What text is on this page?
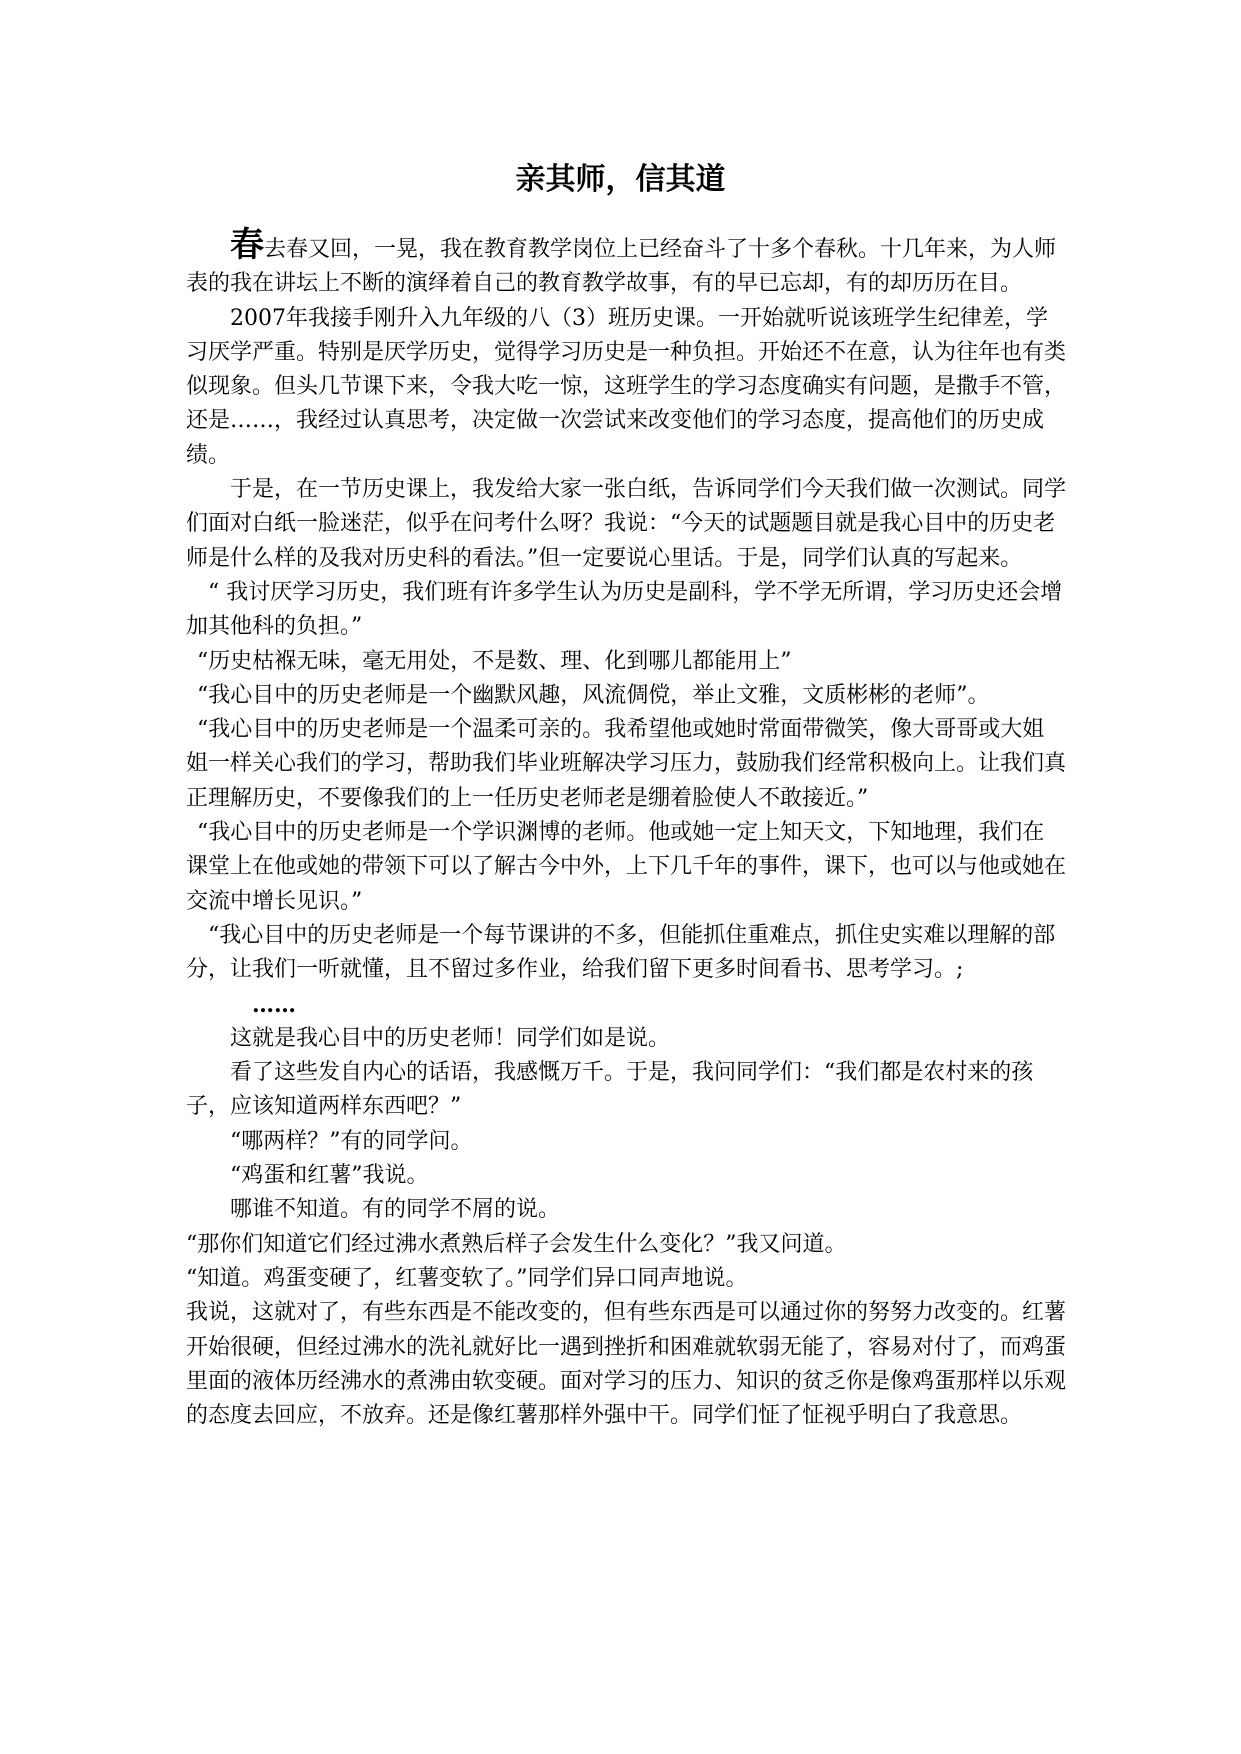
亲其师，信其道

春去春又回，一晃，我在教育教学岗位上已经奋斗了十多个春秋。十几年来，为人师表的我在讲坛上不断的演绎着自己的教育教学故事，有的早已忘却，有的却历历在目。

2007年我接手刚升入九年级的八（3）班历史课。一开始就听说该班学生纪律差，学习厌学严重。特别是厌学历史，觉得学习历史是一种负担。开始还不在意，认为往年也有类似现象。但头几节课下来，令我大吃一惊，这班学生的学习态度确实有问题，是撒手不管，还是……，我经过认真思考，决定做一次尝试来改变他们的学习态度，提高他们的历史成绩。

于是，在一节历史课上，我发给大家一张白纸，告诉同学们今天我们做一次测试。同学们面对白纸一脸迷茫，似乎在问考什么呀？我说：“今天的试题题目就是我心目中的历史老师是什么样的及我对历史科的看法。”但一定要说心里话。于是，同学们认真的写起来。

“ 我讨厌学习历史，我们班有许多学生认为历史是副科，学不学无所谓，学习历史还会增加其他科的负担。”

“历史枯褓无味，毫无用处，不是数、理、化到哪儿都能用上”

“我心目中的历史老师是一个幽默风趣，风流倜傥，举止文雅，文质彬彬的老师”。

“我心目中的历史老师是一个温柔可亲的。我希望他或她时常面带微笑，像大哥哥或大姐姐一样关心我们的学习，帮助我们毕业班解决学习压力，鼓励我们经常积极向上。让我们真正理解历史，不要像我们的上一任历史老师老是绷着脸使人不敢接近。”

“我心目中的历史老师是一个学识渊博的老师。他或她一定上知天文，下知地理，我们在课堂上在他或她的带领下可以了解古今中外，上下几千年的事件，课下，也可以与他或她在交流中增长见识。”

“我心目中的历史老师是一个每节课讲的不多，但能抓住重难点，抓住史实难以理解的部分，让我们一听就懂，且不留过多作业，给我们留下更多时间看书、思考学习。;

……

这就是我心目中的历史老师！同学们如是说。

看了这些发自内心的话语，我感慨万千。于是，我问同学们：“我们都是农村来的孩子，应该知道两样东西吧？”

“哪两样？”有的同学问。

“鸡蛋和红薯”我说。

哪谁不知道。有的同学不屑的说。

“那你们知道它们经过沸水煮熟后样子会发生什么变化？”我又问道。

“知道。鸡蛋变硬了，红薯变软了。”同学们异口同声地说。

我说，这就对了，有些东西是不能改变的，但有些东西是可以通过你的努努力改变的。红薯开始很硬，但经过沸水的洗礼就好比一遇到挫折和困难就软弱无能了，容易对付了，而鸡蛋里面的液体历经沸水的煮沸由软变硬。面对学习的压力、知识的贫乏你是像鸡蛋那样以乐观的态度去回应，不放弃。还是像红薯那样外强中干。同学们怔了怔视乎明白了我意思。
